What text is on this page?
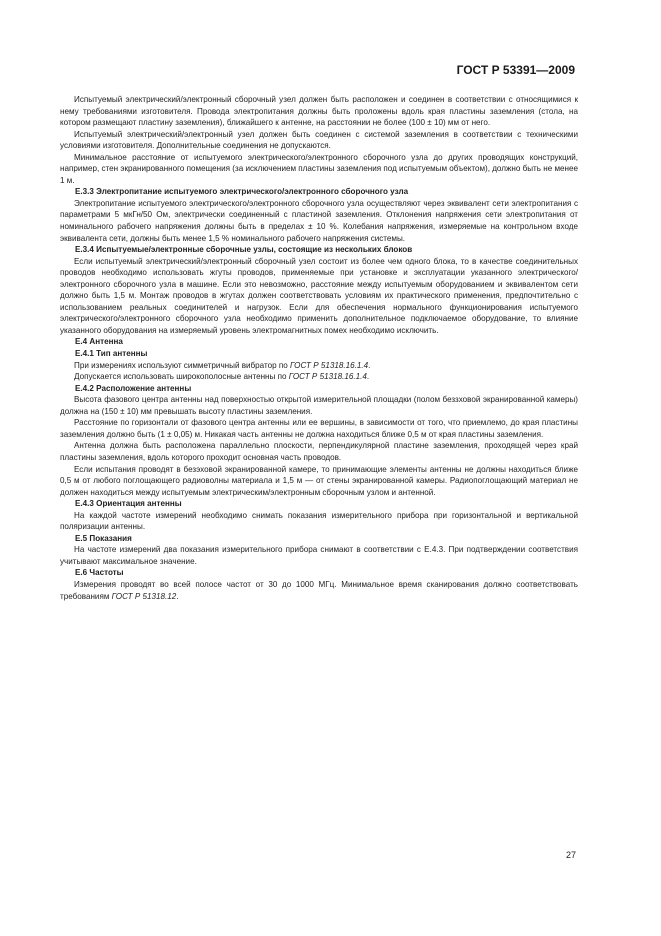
ГОСТ Р 53391—2009

Испытуемый электрический/электронный сборочный узел должен быть расположен и соединен в соответствии с относящимися к нему требованиями изготовителя. Провода электропитания должны быть проложены вдоль края пластины заземления (стола, на котором размещают пластину заземления), ближайшего к антенне, на расстоянии не более (100 ± 10) мм от него.

Испытуемый электрический/электронный узел должен быть соединен с системой заземления в соответствии с техническими условиями изготовителя. Дополнительные соединения не допускаются.

Минимальное расстояние от испытуемого электрического/электронного сборочного узла до других проводящих конструкций, например, стен экранированного помещения (за исключением пластины заземления под испытуемым объектом), должно быть не менее 1 м.

Е.3.3 Электропитание испытуемого электрического/электронного сборочного узла

Электропитание испытуемого электрического/электронного сборочного узла осуществляют через эквивалент сети электропитания с параметрами 5 мкГн/50 Ом, электрически соединенный с пластиной заземления. Отклонения напряжения сети электропитания от номинального рабочего напряжения должны быть в пределах ± 10 %. Колебания напряжения, измеряемые на контрольном входе эквивалента сети, должны быть менее 1,5 % номинального рабочего напряжения системы.

Е.3.4 Испытуемые/электронные сборочные узлы, состоящие из нескольких блоков

Если испытуемый электрический/электронный сборочный узел состоит из более чем одного блока, то в качестве соединительных проводов необходимо использовать жгуты проводов, применяемые при установке и эксплуатации указанного электрического/электронного сборочного узла в машине. Если это невозможно, расстояние между испытуемым оборудованием и эквивалентом сети должно быть 1,5 м. Монтаж проводов в жгутах должен соответствовать условиям их практического применения, предпочтительно с использованием реальных соединителей и нагрузок. Если для обеспечения нормального функционирования испытуемого электрического/электронного сборочного узла необходимо применить дополнительное подключаемое оборудование, то влияние указанного оборудования на измеряемый уровень электромагнитных помех необходимо исключить.

Е.4 Антенна

Е.4.1 Тип антенны

При измерениях используют симметричный вибратор по ГОСТ Р 51318.16.1.4.

Допускается использовать широкополосные антенны по ГОСТ Р 51318.16.1.4.

Е.4.2 Расположение антенны

Высота фазового центра антенны над поверхностью открытой измерительной площадки (полом беззховой экранированной камеры) должна на (150 ± 10) мм превышать высоту пластины заземления.

Расстояние по горизонтали от фазового центра антенны или ее вершины, в зависимости от того, что приемлемо, до края пластины заземления должно быть (1 ± 0,05) м. Никакая часть антенны не должна находиться ближе 0,5 м от края пластины заземления.

Антенна должна быть расположена параллельно плоскости, перпендикулярной пластине заземления, проходящей через край пластины заземления, вдоль которого проходит основная часть проводов.

Если испытания проводят в безэховой экранированной камере, то принимающие элементы антенны не должны находиться ближе 0,5 м от любого поглощающего радиоволны материала и 1,5 м — от стены экранированной камеры. Радиопоглощающий материал не должен находиться между испытуемым электрическим/электронным сборочным узлом и антенной.

Е.4.3 Ориентация антенны

На каждой частоте измерений необходимо снимать показания измерительного прибора при горизонтальной и вертикальной поляризации антенны.

Е.5 Показания

На частоте измерений два показания измерительного прибора снимают в соответствии с Е.4.3. При подтверждении соответствия учитывают максимальное значение.

Е.6 Частоты

Измерения проводят во всей полосе частот от 30 до 1000 МГц. Минимальное время сканирования должно соответствовать требованиям ГОСТ Р 51318.12.

27
